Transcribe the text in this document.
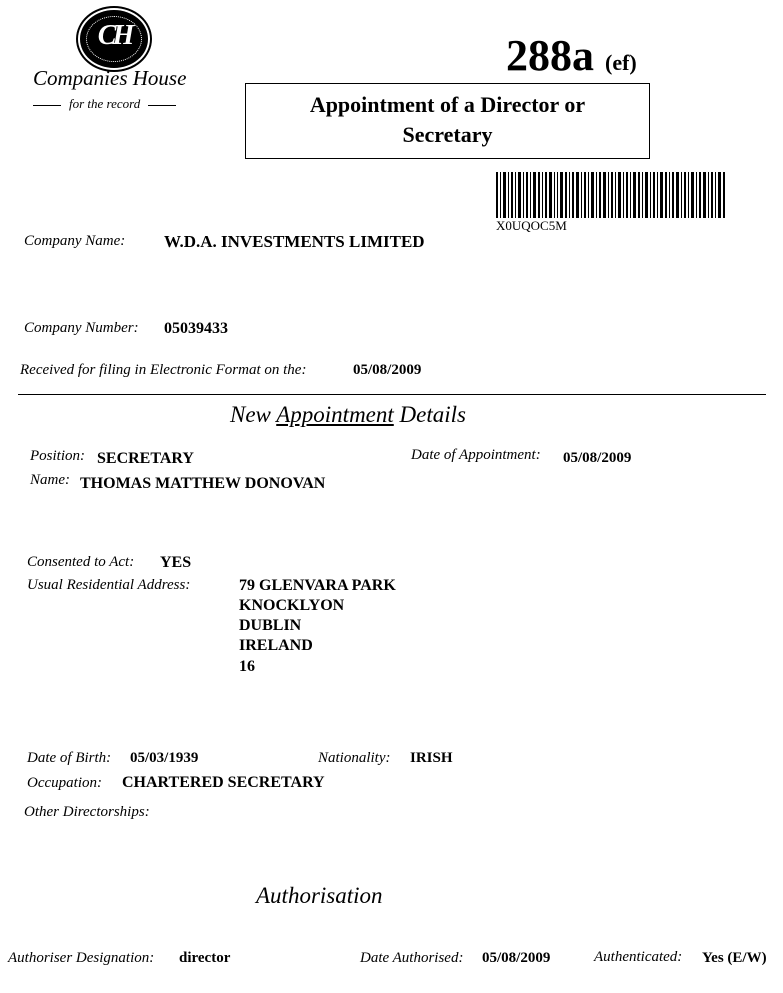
CH
Companies House
for the record
288a (ef)
Appointment of a Director or
Secretary
X0UQOC5M
Company Name: W.D.A. INVESTMENTS LIMITED
Company Number: 05039433
Received for filing in Electronic Format on the:	05/08/2009
New Appointment Details
Position: SECRETARY	Date of Appointment: 05/08/2009
Name: THOMAS MATTHEW DONOVAN
Consented to Act: YES
Usual Residential Address:	79 GLENVARA PARK
KNOCKLYON
DUBLIN
IRELAND
16
Date of Birth: 05/03/1939	Nationality: IRISH
Occupation: CHARTERED SECRETARY
Other Directorships:
Authorisation
Authoriser Designation: director	Date Authorised: 05/08/2009	Authenticated: Yes (E/W)
